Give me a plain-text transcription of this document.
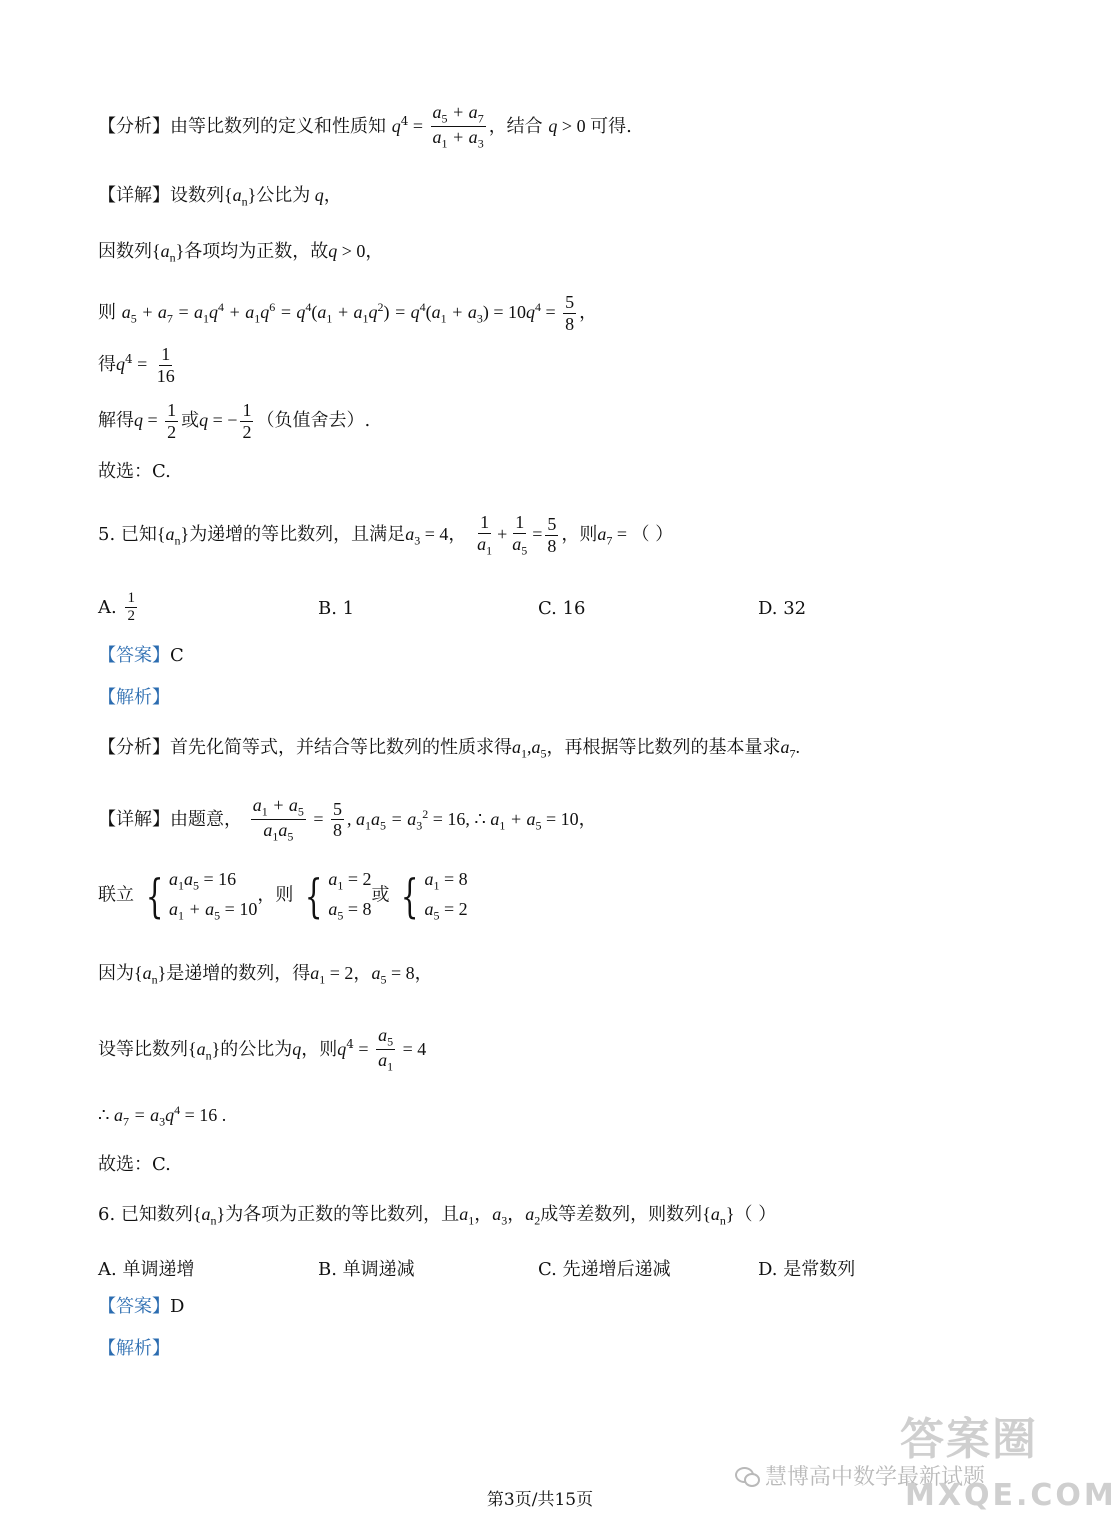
【分析】由等比数列的定义和性质知 $q^4 = \frac{a_5 + a_7}{a_1 + a_3}$ ，结合 q > 0 可得.
【详解】设数列$\{a_n\}$公比为 q，
因数列$\{a_n\}$各项均为正数，故q > 0，
则 $a_5 + a_7 = a_1q^4 + a_1q^6 = q^4(a_1 + a_1q^2) = q^4(a_1 + a_3) = 10q^4 = \frac{5}{8}$ ，
得$q^4 = \frac{1}{16}$
解得$q = \frac{1}{2}$ 或q = − $\frac{1}{2}$ （负值舍去）.
故选：C.
5. 已知$\{a_n\}$为递增的等比数列，且满足$a_3 = 4$， $\frac{1}{a_1} + \frac{1}{a_5} = \frac{5}{8}$ ，则$a_7$ = （ ）
A. $\frac{1}{2}$	B. 1	C. 16	D. 32
【答案】C
【解析】
【分析】首先化简等式，并结合等比数列的性质求得$a_1,a_5$，再根据等比数列的基本量求$a_7$.
【详解】由题意， $\frac{a_1 + a_5}{a_1a_5} = \frac{5}{8}$ , $a_1a_5 = a_3^2 = 16$, ∴ $a_1 + a_5 = 10$，
联立 { $a_1a_5 = 16$
$a_1 + a_5 = 10$
，则 { $a_1 = 2$
$a_5 = 8$
或 { $a_1 = 8$
$a_5 = 2$
因为$\{a_n\}$是递增的数列，得$a_1 = 2$，$a_5 = 8$，
设等比数列$\{a_n\}$的公比为q，则$q^4 = \frac{a_5}{a_1} = 4$
∴ $a_7 = a_3q^4 = 16$ .
故选：C.
6. 已知数列$\{a_n\}$为各项为正数的等比数列，且$a_1$，$a_3$，$a_2$成等差数列，则数列$\{a_n\}$（ ）
A. 单调递增	B. 单调递减	C. 先递增后递减	D. 是常数列
【答案】D
【解析】
答案圈
慧博高中数学最新试题
MXQE.COM
第3页/共15页
